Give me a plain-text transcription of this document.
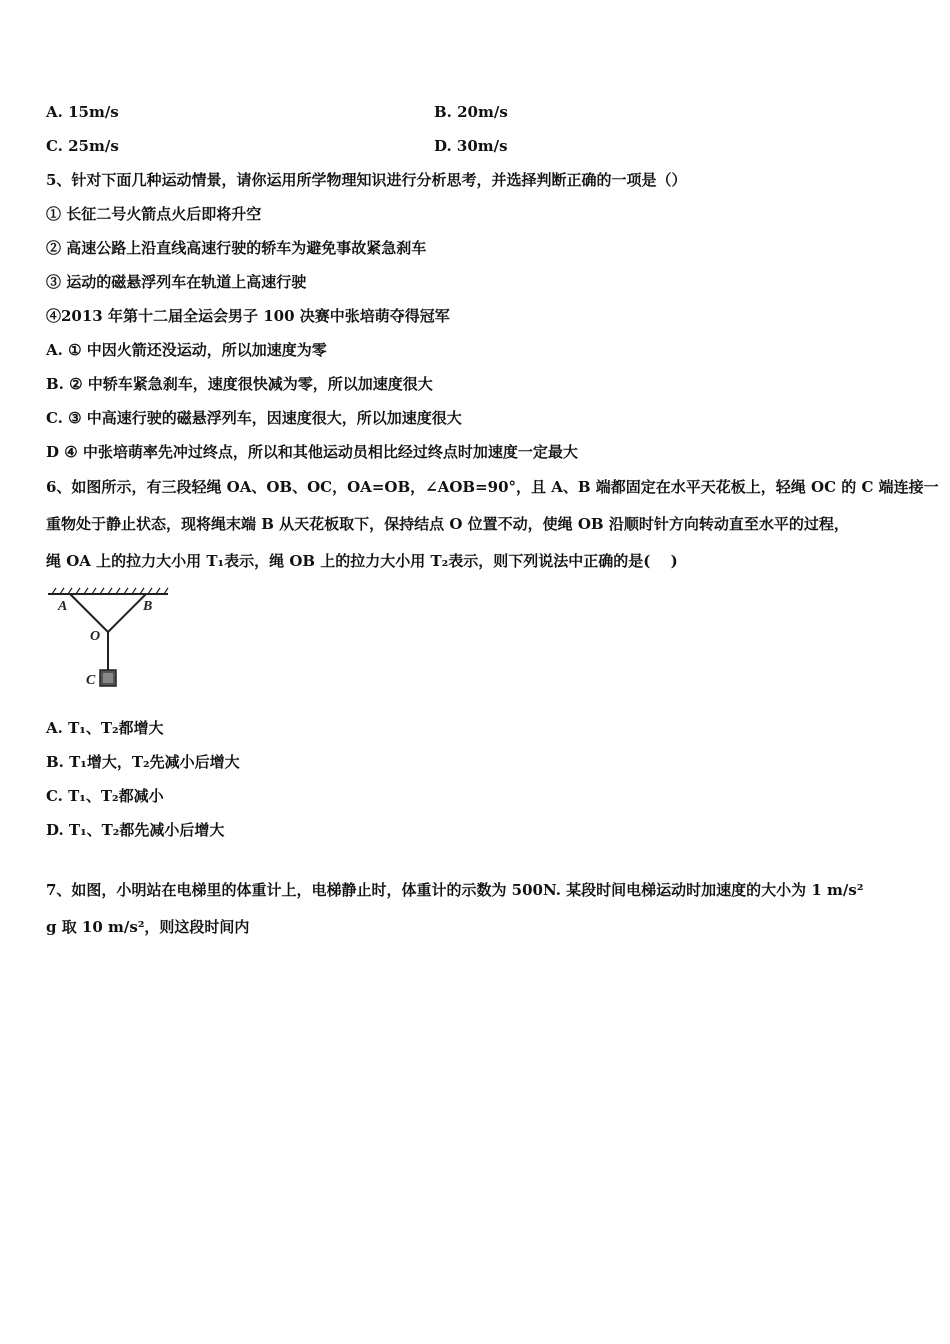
A. 15m/s	B. 20m/s
C. 25m/s	D. 30m/s
5、针对下面几种运动情景，请你运用所学物理知识进行分析思考，并选择判断正确的一项是（）
① 长征二号火箭点火后即将升空
② 高速公路上沿直线高速行驶的轿车为避免事故紧急刹车
③ 运动的磁悬浮列车在轨道上高速行驶
④2013 年第十二届全运会男子 100 决赛中张培萌夺得冠军
A. ① 中因火箭还没运动，所以加速度为零
B. ② 中轿车紧急刹车，速度很快减为零，所以加速度很大
C. ③ 中高速行驶的磁悬浮列车，因速度很大，所以加速度很大
D ④ 中张培萌率先冲过终点，所以和其他运动员相比经过终点时加速度一定最大
6、如图所示，有三段轻绳 OA、OB、OC，OA=OB，∠AOB=90°，且 A、B 端都固定在水平天花板上，轻绳 OC 的 C 端连接一
重物处于静止状态，现将绳末端 B 从天花板取下，保持结点 O 位置不动，使绳 OB 沿顺时针方向转动直至水平的过程，
绳 OA 上的拉力大小用 T₁表示，绳 OB 上的拉力大小用 T₂表示，则下列说法中正确的是(　 )
A	B
O
C
A. T₁、T₂都增大
B. T₁增大，T₂先减小后增大
C. T₁、T₂都减小
D. T₁、T₂都先减小后增大
7、如图，小明站在电梯里的体重计上，电梯静止时，体重计的示数为 500N. 某段时间电梯运动时加速度的大小为 1 m/s²
g 取 10 m/s²，则这段时间内
